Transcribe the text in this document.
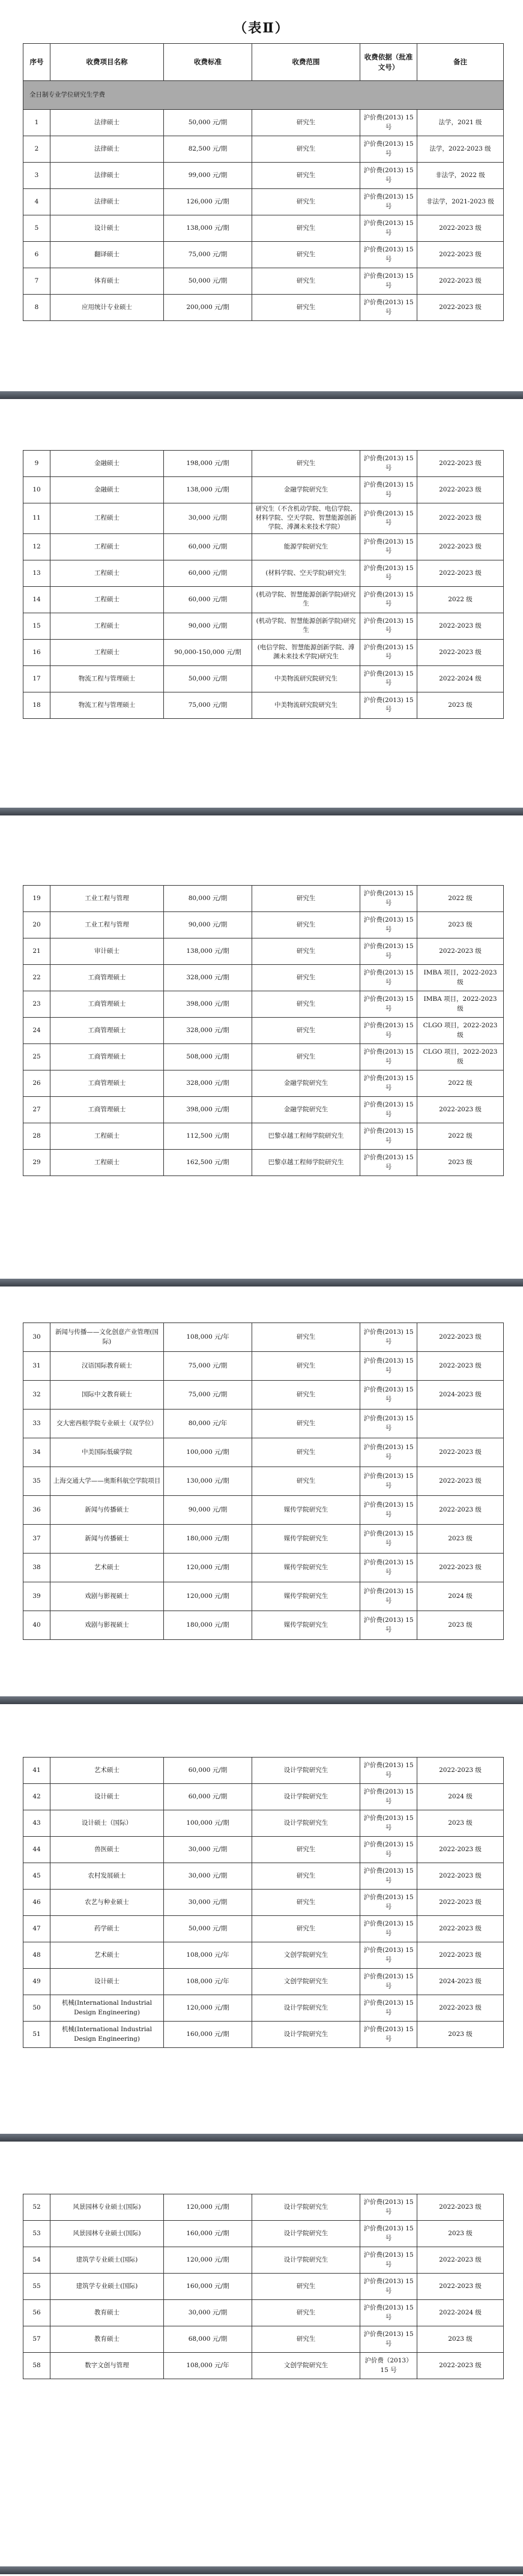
（表Ⅱ）
序号	收费项目名称	收费标准	收费范围	收费依据（批准文号）	备注
全日制专业学位研究生学费					
1	法律硕士	50,000 元/期	研究生	沪价费(2013) 15 号	法学，2021 级
2	法律硕士	82,500 元/期	研究生	沪价费(2013) 15 号	法学，2022-2023 级
3	法律硕士	99,000 元/期	研究生	沪价费(2013) 15 号	非法学，2022 级
4	法律硕士	126,000 元/期	研究生	沪价费(2013) 15 号	非法学，2021-2023 级
5	设计硕士	138,000 元/期	研究生	沪价费(2013) 15 号	2022-2023 级
6	翻译硕士	75,000 元/期	研究生	沪价费(2013) 15 号	2022-2023 级
7	体育硕士	50,000 元/期	研究生	沪价费(2013) 15 号	2022-2023 级
8	应用统计专业硕士	200,000 元/期	研究生	沪价费(2013) 15 号	2022-2023 级
9	金融硕士	198,000 元/期	研究生	沪价费(2013) 15 号	2022-2023 级
10	金融硕士	138,000 元/期	金融学院研究生	沪价费(2013) 15 号	2022-2023 级
11	工程硕士	30,000 元/期	研究生（不含机动学院、电信学院、材料学院、空天学院、智慧能源创新学院、溥渊未来技术学院）	沪价费(2013) 15 号	2022-2023 级
12	工程硕士	60,000 元/期	能源学院研究生	沪价费(2013) 15 号	2022-2023 级
13	工程硕士	60,000 元/期	(材料学院、空天学院)研究生	沪价费(2013) 15 号	2022-2023 级
14	工程硕士	60,000 元/期	(机动学院、智慧能源创新学院)研究生	沪价费(2013) 15 号	2022 级
15	工程硕士	90,000 元/期	(机动学院、智慧能源创新学院)研究生	沪价费(2013) 15 号	2022-2023 级
16	工程硕士	90,000-150,000 元/期	(电信学院、智慧能源创新学院、溥渊未来技术学院)研究生	沪价费(2013) 15 号	2022-2023 级
17	物流工程与管理硕士	50,000 元/期	中美物流研究院研究生	沪价费(2013) 15 号	2022-2024 级
18	物流工程与管理硕士	75,000 元/期	中美物流研究院研究生	沪价费(2013) 15 号	2023 级
19	工业工程与管理	80,000 元/期	研究生	沪价费(2013) 15 号	2022 级
20	工业工程与管理	90,000 元/期	研究生	沪价费(2013) 15 号	2023 级
21	审计硕士	138,000 元/期	研究生	沪价费(2013) 15 号	2022-2023 级
22	工商管理硕士	328,000 元/期	研究生	沪价费(2013) 15 号	IMBA 项目，2022-2023 级
23	工商管理硕士	398,000 元/期	研究生	沪价费(2013) 15 号	IMBA 项目，2022-2023 级
24	工商管理硕士	328,000 元/期	研究生	沪价费(2013) 15 号	CLGO 项目，2022-2023 级
25	工商管理硕士	508,000 元/期	研究生	沪价费(2013) 15 号	CLGO 项目，2022-2023 级
26	工商管理硕士	328,000 元/期	金融学院研究生	沪价费(2013) 15 号	2022 级
27	工商管理硕士	398,000 元/期	金融学院研究生	沪价费(2013) 15 号	2022-2023 级
28	工程硕士	112,500 元/期	巴黎卓越工程师学院研究生	沪价费(2013) 15 号	2022 级
29	工程硕士	162,500 元/期	巴黎卓越工程师学院研究生	沪价费(2013) 15 号	2023 级
30	新闻与传播——文化创意产业管理(国际)	108,000 元/年	研究生	沪价费(2013) 15 号	2022-2023 级
31	汉语国际教育硕士	75,000 元/期	研究生	沪价费(2013) 15 号	2022-2023 级
32	国际中文教育硕士	75,000 元/期	研究生	沪价费(2013) 15 号	2024-2023 级
33	交大密西根学院专业硕士（双学位）	80,000 元/年	研究生	沪价费(2013) 15 号	
34	中美国际低碳学院	100,000 元/期	研究生	沪价费(2013) 15 号	2022-2023 级
35	上海交通大学——奥斯科航空学院项目	130,000 元/期	研究生	沪价费(2013) 15 号	2022-2023 级
36	新闻与传播硕士	90,000 元/期	媒传学院研究生	沪价费(2013) 15 号	2022-2023 级
37	新闻与传播硕士	180,000 元/期	媒传学院研究生	沪价费(2013) 15 号	2023 级
38	艺术硕士	120,000 元/期	媒传学院研究生	沪价费(2013) 15 号	2022-2023 级
39	戏剧与影视硕士	120,000 元/期	媒传学院研究生	沪价费(2013) 15 号	2024 级
40	戏剧与影视硕士	180,000 元/期	媒传学院研究生	沪价费(2013) 15 号	2023 级
41	艺术硕士	60,000 元/期	设计学院研究生	沪价费(2013) 15 号	2022-2023 级
42	设计硕士	60,000 元/期	设计学院研究生	沪价费(2013) 15 号	2024 级
43	设计硕士（国际）	100,000 元/期	设计学院研究生	沪价费(2013) 15 号	2023 级
44	兽医硕士	30,000 元/期	研究生	沪价费(2013) 15 号	2022-2023 级
45	农村发展硕士	30,000 元/期	研究生	沪价费(2013) 15 号	2022-2023 级
46	农艺与种业硕士	30,000 元/期	研究生	沪价费(2013) 15 号	2022-2023 级
47	药学硕士	50,000 元/期	研究生	沪价费(2013) 15 号	2022-2023 级
48	艺术硕士	108,000 元/年	文创学院研究生	沪价费(2013) 15 号	2022-2023 级
49	设计硕士	108,000 元/年	文创学院研究生	沪价费(2013) 15 号	2024-2023 级
50	机械(International Industrial Design Engineering)	120,000 元/期	设计学院研究生	沪价费(2013) 15 号	2022-2023 级
51	机械(International Industrial Design Engineering)	160,000 元/期	设计学院研究生	沪价费(2013) 15 号	2023 级
52	风景园林专业硕士(国际)	120,000 元/期	设计学院研究生	沪价费(2013) 15 号	2022-2023 级
53	风景园林专业硕士(国际)	160,000 元/期	设计学院研究生	沪价费(2013) 15 号	2023 级
54	建筑学专业硕士(国际)	120,000 元/期	设计学院研究生	沪价费(2013) 15 号	2022-2023 级
55	建筑学专业硕士(国际)	160,000 元/期	研究生	沪价费(2013) 15 号	2022-2023 级
56	教育硕士	30,000 元/期	研究生	沪价费(2013) 15 号	2022-2024 级
57	教育硕士	68,000 元/期	研究生	沪价费(2013) 15 号	2023 级
58	数字文创与管理	108,000 元/年	文创学院研究生	沪价费（2013）15 号	2022-2023 级
